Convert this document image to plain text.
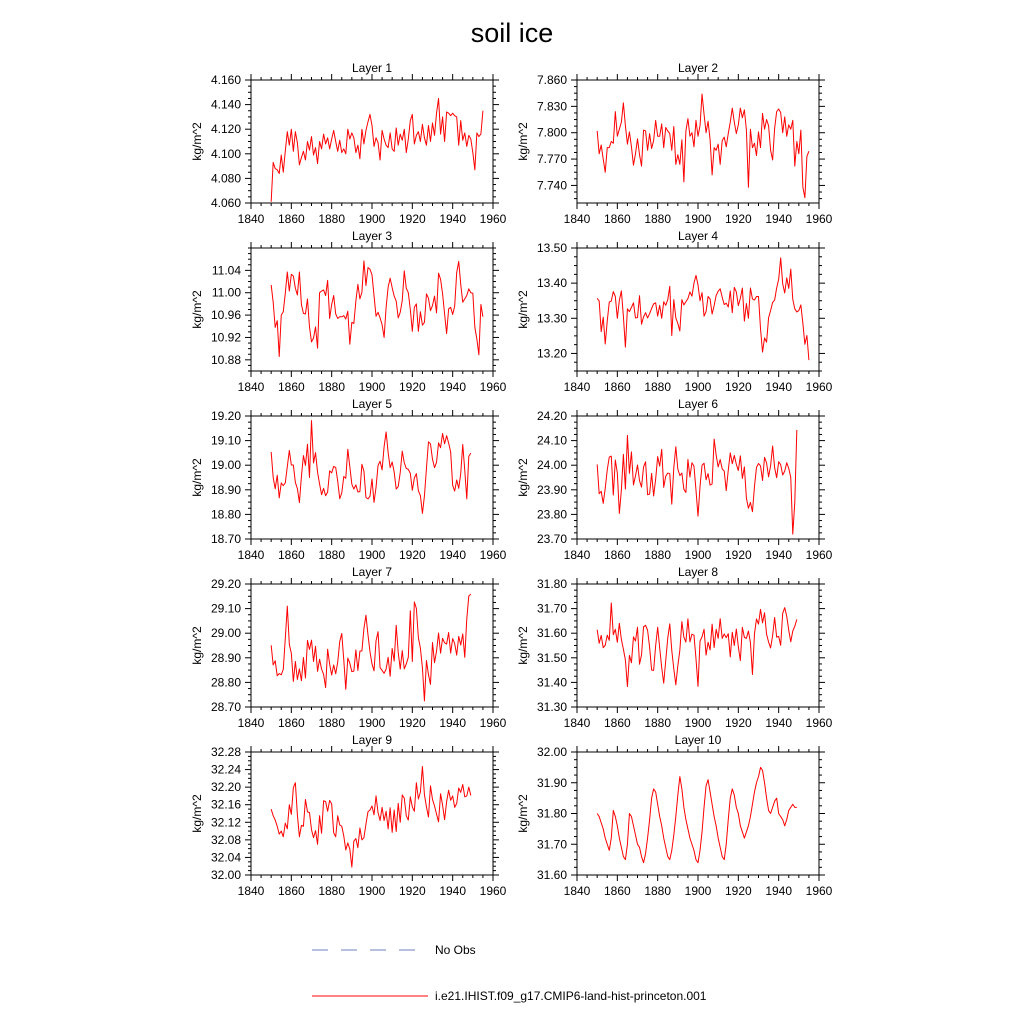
soil ice
Layer 1
1840 1860 1880 1900 1920 1940 1960
4.060
4.080
4.100
4.120
4.140
4.160
kg/m^2
Layer 2
1840 1860 1880 1900 1920 1940 1960
7.740
7.770
7.800
7.830
7.860
kg/m^2
Layer 3
1840 1860 1880 1900 1920 1940 1960
10.88
10.92
10.96
11.00
11.04
kg/m^2
Layer 4
1840 1860 1880 1900 1920 1940 1960
13.20
13.30
13.40
13.50
kg/m^2
Layer 5
1840 1860 1880 1900 1920 1940 1960
18.70
18.80
18.90
19.00
19.10
19.20
kg/m^2
Layer 6
1840 1860 1880 1900 1920 1940 1960
23.70
23.80
23.90
24.00
24.10
24.20
kg/m^2
Layer 7
1840 1860 1880 1900 1920 1940 1960
28.70
28.80
28.90
29.00
29.10
29.20
kg/m^2
Layer 8
1840 1860 1880 1900 1920 1940 1960
31.30
31.40
31.50
31.60
31.70
31.80
kg/m^2
Layer 9
1840 1860 1880 1900 1920 1940 1960
32.00
32.04
32.08
32.12
32.16
32.20
32.24
32.28
kg/m^2
Layer 10
1840 1860 1880 1900 1920 1940 1960
31.60
31.70
31.80
31.90
32.00
kg/m^2
No Obs
i.e21.IHIST.f09_g17.CMIP6-land-hist-princeton.001
